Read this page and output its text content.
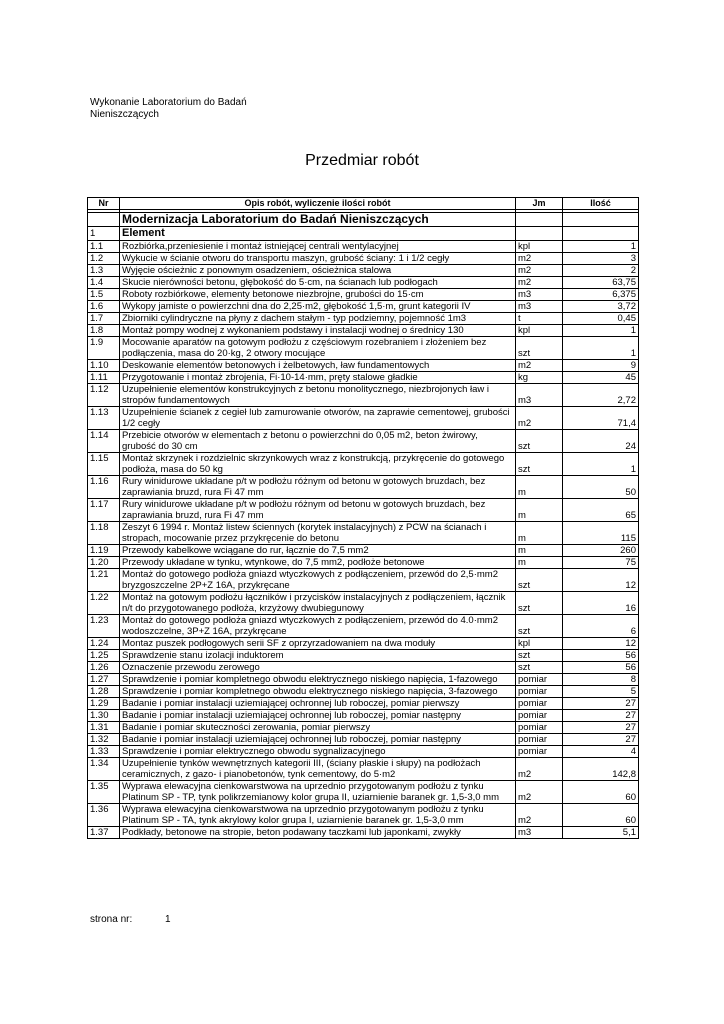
Wykonanie Laboratorium do Badań
Nieniszczących
Przedmiar robót
Nr	Opis robót, wyliczenie ilości robót	Jm	Ilość

	Modernizacja Laboratorium do Badań Nieniszczących		
1	Element		
1.1	Rozbiórka,przeniesienie i montaż istniejącej centrali wentylacyjnej	kpl	1
1.2	Wykucie w ścianie otworu do transportu maszyn, grubość ściany: 1 i 1/2 cegły	m2	3
1.3	Wyjęcie ościeżnic z ponownym osadzeniem, ościeżnica stalowa	m2	2
1.4	Skucie nierówności betonu, głębokość do 5·cm, na ścianach lub podłogach	m2	63,75
1.5	Roboty rozbiórkowe, elementy betonowe niezbrojne, grubości do 15·cm	m3	6,375
1.6	Wykopy jamiste o powierzchni dna do 2,25·m2, głębokość 1,5·m, grunt kategorii IV	m3	3,72
1.7	Zbiorniki cylindryczne na płyny z dachem stałym - typ podziemny, pojemność 1m3	t	0,45
1.8	Montaż pompy wodnej z wykonaniem podstawy i instalacji wodnej o średnicy 130	kpl	1
1.9	Mocowanie aparatów na gotowym podłożu z częściowym rozebraniem i złożeniem bez podłączenia, masa do 20·kg, 2 otwory mocujące	szt	1
1.10	Deskowanie elementów betonowych i żelbetowych, ław fundamentowych	m2	9
1.11	Przygotowanie i montaż zbrojenia, Fi·10-14·mm, pręty stalowe gładkie	kg	45
1.12	Uzupełnienie elementów konstrukcyjnych z betonu monolitycznego, niezbrojonych ław i stropów fundamentowych	m3	2,72
1.13	Uzupełnienie ścianek z cegieł lub zamurowanie otworów, na zaprawie cementowej, grubości 1/2 cegły	m2	71,4
1.14	Przebicie otworów w elementach z betonu o powierzchni do 0,05 m2, beton żwirowy, grubość do 30 cm	szt	24
1.15	Montaż skrzynek i rozdzielnic skrzynkowych wraz z konstrukcją, przykręcenie do gotowego podłoża, masa do 50 kg	szt	1
1.16	Rury winidurowe układane p/t w podłożu różnym od betonu w gotowych bruzdach, bez zaprawiania bruzd, rura Fi 47 mm	m	50
1.17	Rury winidurowe układane p/t w podłożu różnym od betonu w gotowych bruzdach, bez zaprawiania bruzd, rura Fi 47 mm	m	65
1.18	Zeszyt 6 1994 r. Montaż listew ściennych (korytek instalacyjnych) z PCW na ścianach i stropach, mocowanie przez przykręcenie do betonu	m	115
1.19	Przewody kabelkowe wciągane do rur, łącznie do 7,5 mm2	m	260
1.20	Przewody układane w tynku, wtynkowe, do 7,5 mm2, podłoże betonowe	m	75
1.21	Montaż do gotowego podłoża gniazd wtyczkowych z podłączeniem, przewód do 2,5·mm2 bryzgoszczelne 2P+Z 16A, przykręcane	szt	12
1.22	Montaż na gotowym podłożu łączników i przycisków instalacyjnych z podłączeniem, łącznik n/t do przygotowanego podłoża, krzyżowy dwubiegunowy	szt	16
1.23	Montaż do gotowego podłoża gniazd wtyczkowych z podłączeniem, przewód do 4.0·mm2 wodoszczelne, 3P+Z 16A, przykręcane	szt	6
1.24	Montaz puszek podłogowych serii SF z oprzyrzadowaniem na dwa moduły	kpl	12
1.25	Sprawdzenie stanu izolacji induktorem	szt	56
1.26	Oznaczenie przewodu zerowego	szt	56
1.27	Sprawdzenie i pomiar kompletnego obwodu elektrycznego niskiego napięcia, 1-fazowego	pomiar	8
1.28	Sprawdzenie i pomiar kompletnego obwodu elektrycznego niskiego napięcia, 3-fazowego	pomiar	5
1.29	Badanie i pomiar instalacji uziemiającej ochronnej lub roboczej, pomiar pierwszy	pomiar	27
1.30	Badanie i pomiar instalacji uziemiającej ochronnej lub roboczej, pomiar następny	pomiar	27
1.31	Badanie i pomiar skuteczności zerowania, pomiar pierwszy	pomiar	27
1.32	Badanie i pomiar instalacji uziemiającej ochronnej lub roboczej, pomiar następny	pomiar	27
1.33	Sprawdzenie i pomiar elektrycznego obwodu sygnalizacyjnego	pomiar	4
1.34	Uzupełnienie tynków wewnętrznych kategorii III, (ściany płaskie i słupy) na podłożach ceramicznych, z gazo- i pianobetonów, tynk cementowy, do 5·m2	m2	142,8
1.35	Wyprawa elewacyjna cienkowarstwowa na uprzednio przygotowanym podłożu z tynku Platinum SP - TP, tynk polikrzemianowy kolor grupa II, uziarnienie baranek gr. 1,5-3,0 mm	m2	60
1.36	Wyprawa elewacyjna cienkowarstwowa na uprzednio przygotowanym podłożu z tynku Platinum SP - TA, tynk akrylowy kolor grupa I, uziarnienie baranek gr. 1,5-3,0 mm	m2	60
1.37	Podkłady, betonowe na stropie, beton podawany taczkami lub japonkami, zwykły	m3	5,1
strona nr:	1
